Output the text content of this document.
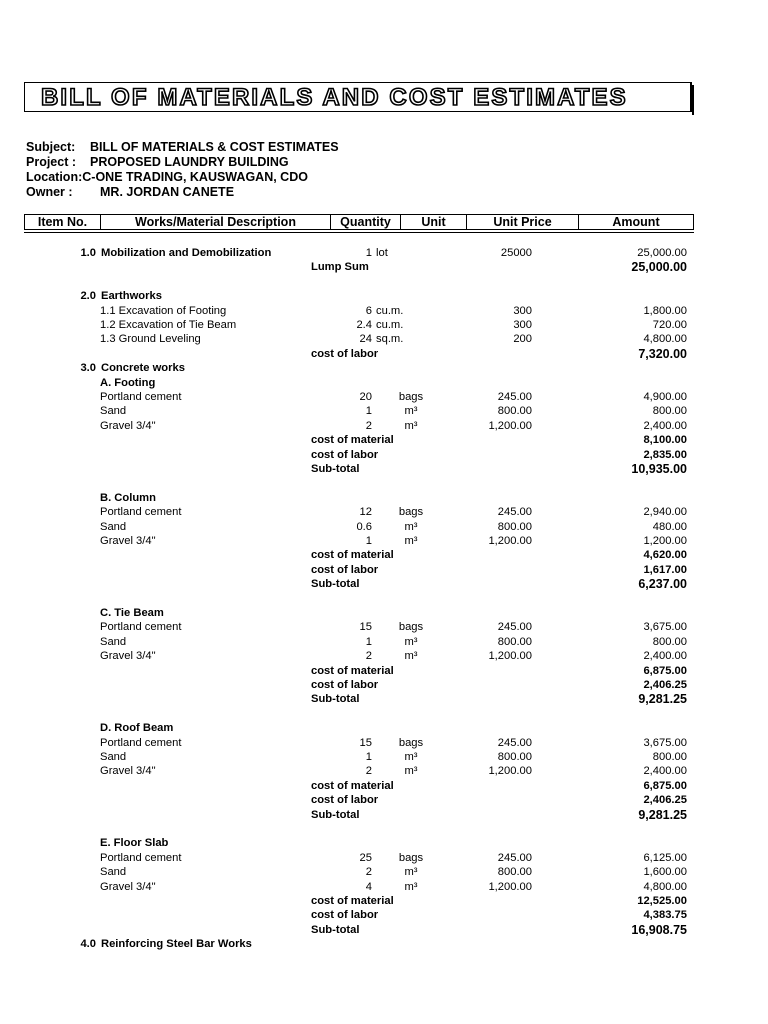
BILL OF MATERIALS AND COST ESTIMATES
Subject: BILL OF MATERIALS & COST ESTIMATES
Project : PROPOSED LAUNDRY BUILDING
Location:C-ONE TRADING, KAUSWAGAN, CDO
Owner : MR. JORDAN CANETE
Item No.	Works/Material Description	Quantity	Unit	Unit Price	Amount
1.0 Mobilization and Demobilization	1 lot	25000	25,000.00
Lump Sum	25,000.00
2.0 Earthworks
1.1 Excavation of Footing	6 cu.m.	300	1,800.00
1.2 Excavation of Tie Beam	2.4 cu.m.	300	720.00
1.3 Ground Leveling	24 sq.m.	200	4,800.00
cost of labor	7,320.00
3.0 Concrete works
A. Footing
Portland cement	20 bags	245.00	4,900.00
Sand	1	m³	800.00	800.00
Gravel 3/4"	2	m³	1,200.00	2,400.00
cost of material	8,100.00
cost of labor	2,835.00
Sub-total	10,935.00
B. Column
Portland cement	12 bags	245.00	2,940.00
Sand	0.6	m³	800.00	480.00
Gravel 3/4"	1	m³	1,200.00	1,200.00
cost of material	4,620.00
cost of labor	1,617.00
Sub-total	6,237.00
C. Tie Beam
Portland cement	15 bags	245.00	3,675.00
Sand	1	m³	800.00	800.00
Gravel 3/4"	2	m³	1,200.00	2,400.00
cost of material	6,875.00
cost of labor	2,406.25
Sub-total	9,281.25
D. Roof Beam
Portland cement	15 bags	245.00	3,675.00
Sand	1	m³	800.00	800.00
Gravel 3/4"	2	m³	1,200.00	2,400.00
cost of material	6,875.00
cost of labor	2,406.25
Sub-total	9,281.25
E. Floor Slab
Portland cement	25 bags	245.00	6,125.00
Sand	2	m³	800.00	1,600.00
Gravel 3/4"	4	m³	1,200.00	4,800.00
cost of material	12,525.00
cost of labor	4,383.75
Sub-total	16,908.75
4.0 Reinforcing Steel Bar Works
